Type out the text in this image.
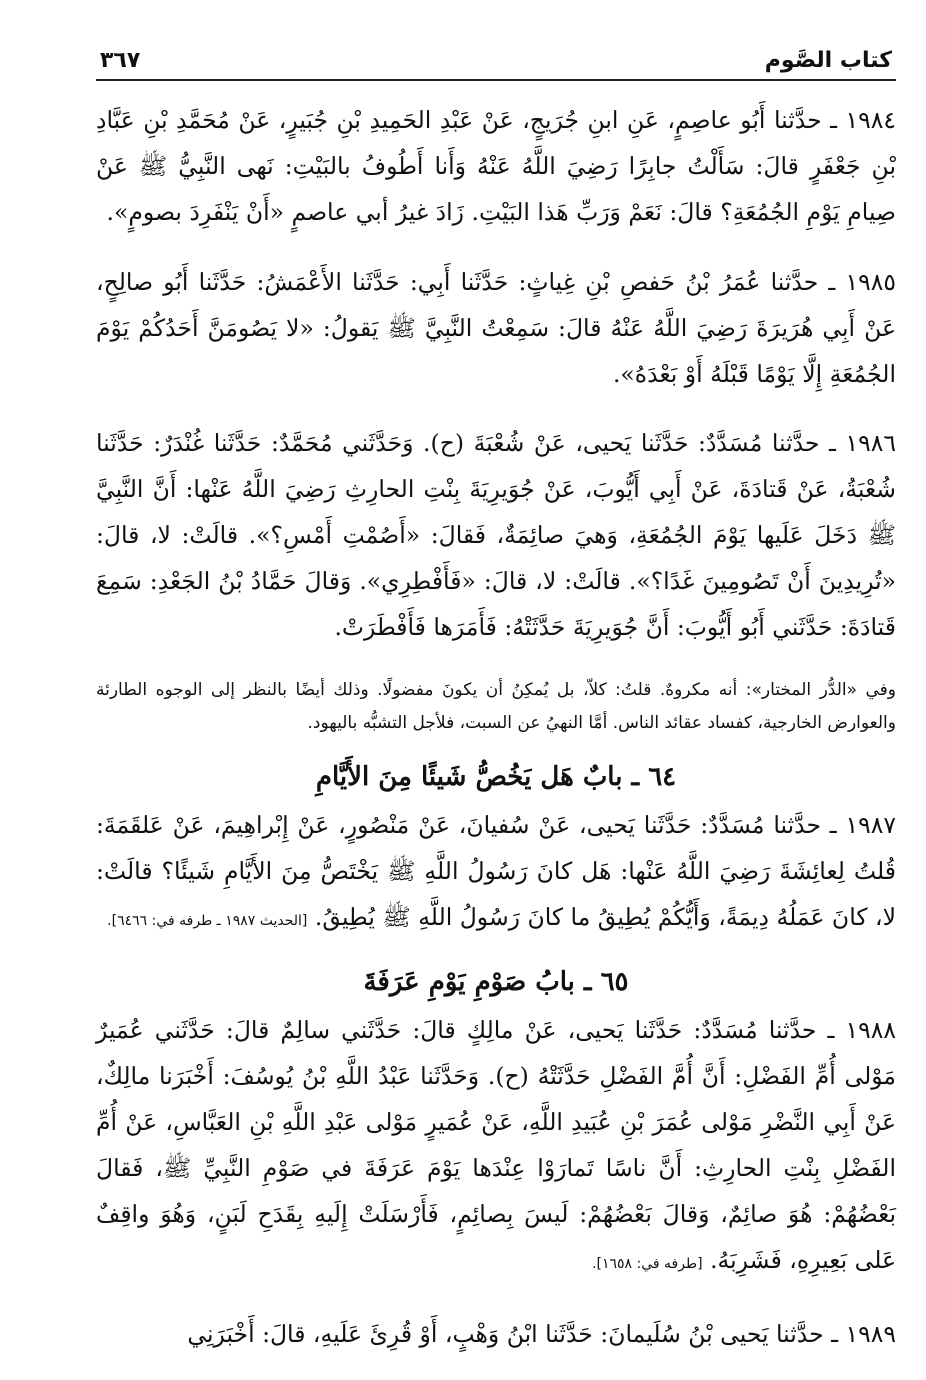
كتاب الصَّوم
٣٦٧

١٩٨٤ ـ حدَّثنا أَبُو عاصِمٍ، عَنِ ابنِ جُرَيجٍ، عَنْ عَبْدِ الحَمِيدِ بْنِ جُبَيرٍ، عَنْ مُحَمَّدِ بْنِ عَبَّادِ بْنِ جَعْفَرٍ قالَ: سَأَلْتُ جابِرًا رَضِيَ اللَّهُ عَنْهُ وَأَنا أَطُوفُ بالبَيْتِ: نَهى النَّبِيُّ ﷺ عَنْ صِيامِ يَوْمِ الجُمُعَةِ؟ قالَ: نَعَمْ وَرَبِّ هَذا البَيْتِ. زَادَ غيرُ أبي عاصمٍ «أَنْ يَنْفَرِدَ بصومٍ».

١٩٨٥ ـ حدَّثنا عُمَرُ بْنُ حَفصِ بْنِ غِياثٍ: حَدَّثَنا أَبِي: حَدَّثَنا الأَعْمَشُ: حَدَّثَنا أَبُو صالِحٍ، عَنْ أَبِي هُرَيرَةَ رَضِيَ اللَّهُ عَنْهُ قالَ: سَمِعْتُ النَّبِيَّ ﷺ يَقولُ: «لا يَصُومَنَّ أَحَدُكُمْ يَوْمَ الجُمُعَةِ إِلَّا يَوْمًا قَبْلَهُ أَوْ بَعْدَهُ».

١٩٨٦ ـ حدَّثنا مُسَدَّدٌ: حَدَّثَنا يَحيى، عَنْ شُعْبَةَ (ح). وَحَدَّثَني مُحَمَّدٌ: حَدَّثَنا غُنْدَرٌ: حَدَّثَنا شُعْبَةُ، عَنْ قَتادَةَ، عَنْ أَبِي أَيُّوبَ، عَنْ جُوَيرِيَةَ بِنْتِ الحارِثِ رَضِيَ اللَّهُ عَنْها: أَنَّ النَّبِيَّ ﷺ دَخَلَ عَلَيها يَوْمَ الجُمُعَةِ، وَهيَ صائِمَةٌ، فَقالَ: «أَصُمْتِ أَمْسِ؟». قالَتْ: لا، قالَ: «تُرِيدِينَ أَنْ تَصُومِينَ غَدًا؟». قالَتْ: لا، قالَ: «فَأَفْطِرِي». وَقالَ حَمَّادُ بْنُ الجَعْدِ: سَمِعَ قَتادَةَ: حَدَّثَني أَبُو أَيُّوبَ: أَنَّ جُوَيرِيَةَ حَدَّثَتْهُ: فَأَمَرَها فَأَفْطَرَتْ.

وفي «الدُّر المختار»: أنه مكروهٌ. قلتُ: كلاّ، بل يُمكِنُ أن يكونَ مفضولًا. وذلك أيضًا بالنظر إلى الوجوه الطارئة والعوارض الخارجية، كفساد عقائد الناس. أمَّا النهيُ عن السبت، فلأجل التشبُّه باليهود.

٦٤ ـ بابٌ هَل يَخُصُّ شَيئًا مِنَ الأَيَّامِ

١٩٨٧ ـ حدَّثنا مُسَدَّدٌ: حَدَّثَنا يَحيى، عَنْ سُفيانَ، عَنْ مَنْصُورٍ، عَنْ إِبْراهِيمَ، عَنْ عَلقَمَةَ: قُلتُ لِعائِشَةَ رَضِيَ اللَّهُ عَنْها: هَل كانَ رَسُولُ اللَّهِ ﷺ يَخْتَصُّ مِنَ الأَيَّامِ شَيئًا؟ قالَتْ: لا، كانَ عَمَلُهُ دِيمَةً، وَأَيُّكُمْ يُطِيقُ ما كانَ رَسُولُ اللَّهِ ﷺ يُطِيقُ. [الحديث ١٩٨٧ ـ طرفه في: ٦٤٦٦].

٦٥ ـ بابُ صَوْمِ يَوْمِ عَرَفَةَ

١٩٨٨ ـ حدَّثنا مُسَدَّدٌ: حَدَّثَنا يَحيى، عَنْ مالِكٍ قالَ: حَدَّثَني سالِمٌ قالَ: حَدَّثَني عُمَيرٌ مَوْلى أُمِّ الفَضْلِ: أَنَّ أُمَّ الفَضْلِ حَدَّثَتْهُ (ح). وَحَدَّثَنا عَبْدُ اللَّهِ بْنُ يُوسُفَ: أَخْبَرَنا مالِكٌ، عَنْ أَبِي النَّضْرِ مَوْلى عُمَرَ بْنِ عُبَيدِ اللَّهِ، عَنْ عُمَيرٍ مَوْلى عَبْدِ اللَّهِ بْنِ العَبَّاسِ، عَنْ أُمِّ الفَضْلِ بِنْتِ الحارِثِ: أَنَّ ناسًا تَمارَوْا عِنْدَها يَوْمَ عَرَفَةَ في صَوْمِ النَّبِيِّ ﷺ، فَقالَ بَعْضُهُمْ: هُوَ صائِمٌ، وَقالَ بَعْضُهُمْ: لَيسَ بِصائِمٍ، فَأَرْسَلَتْ إِلَيهِ بِقَدَحِ لَبَنٍ، وَهُوَ واقِفٌ عَلى بَعِيرِهِ، فَشَرِبَهُ. [طرفه في: ١٦٥٨].

١٩٨٩ ـ حدَّثنا يَحيى بْنُ سُلَيمانَ: حَدَّثَنا ابْنُ وَهْبٍ، أَوْ قُرِئَ عَلَيهِ، قالَ: أَخْبَرَنِي
